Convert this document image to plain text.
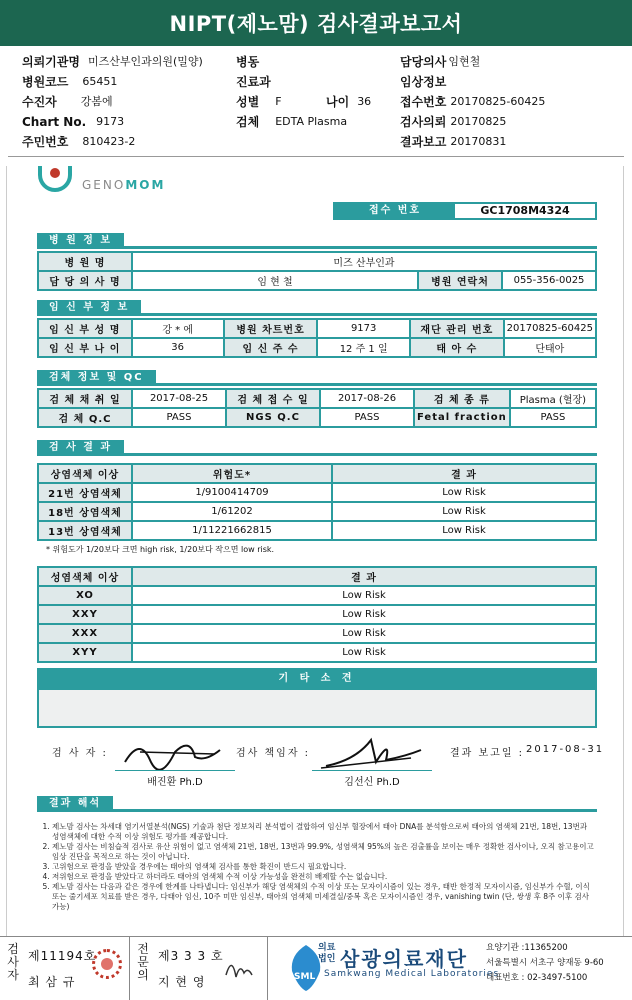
NIPT(제노맘) 검사결과보고서
의뢰기관명 미즈산부인과의원(밀양)
병원코드 65451
수진자 강봄에
Chart No. 9173
주민번호 810423-2
병동
진료과
성별 F	나이 36
검체 EDTA Plasma
담당의사 임현철
임상정보
접수번호 20170825-60425
검사의뢰 20170825
결과보고 20170831
GENOMOM
접수 번호	GC1708M4324
병 원 정 보
병 원 명	미즈 산부인과		
담 당 의 사 명	임 현 철	병원 연락처	055-356-0025
임 신 부 정 보
임 신 부 성 명	강 * 에	병원 차트번호	9173	재단 관리 번호	20170825-60425
임 신 부 나 이	36	임 신 주 수	12 주 1 일	태 아 수	단태아
검체 정보 및 QC
검 체 채 취 일	2017-08-25	검 체 접 수 일	2017-08-26	검 체 종 류	Plasma (혈장)
검 체 Q.C	PASS	NGS Q.C	PASS	Fetal fraction	PASS
검 사 결 과
상염색체 이상	위험도*	결 과
21번 상염색체	1/9100414709	Low Risk
18번 상염색체	1/61202	Low Risk
13번 상염색체	1/11221662815	Low Risk
* 위험도가 1/20보다 크면 high risk, 1/20보다 작으면 low risk.
성염색체 이상	결 과
XO	Low Risk
XXY	Low Risk
XXX	Low Risk
XYY	Low Risk
기 타 소 견
검 사 자 :
배진환 Ph.D
검사 책임자 :
김선신 Ph.D
결과 보고일 : 2017-08-31
결과 해석
1. 제노맘 검사는 차세대 염기서열분석(NGS) 기술과 첨단 정보처리 분석법이 결합하여 임신부 혈장에서 태아 DNA를 분석함으로써 태아의 염색체 21번, 18번, 13번과 성염색체에 대한 수적 이상 위험도 평가를 제공합니다.
2. 제노맘 검사는 비침습적 검사로 유산 위험이 없고 염색체 21번, 18번, 13번과 99.9%, 성염색체 95%의 높은 검출률을 보이는 매우 정확한 검사이나, 오직 참고용이고 임상 진단을 목적으로 하는 것이 아닙니다.
3. 고위험으로 판정을 받았을 경우에는 태아의 염색체 검사를 통한 확진이 반드시 필요합니다.
4. 저위험으로 판정을 받았다고 하더라도 태아의 염색체 수적 이상 가능성을 완전히 배제할 수는 없습니다.
5. 제노맘 검사는 다음과 같은 경우에 한계를 나타냅니다: 임신부가 해당 염색체의 수적 이상 또는 모자이시즘이 있는 경우, 태반 한정적 모자이시즘, 임신부가 수혈, 이식 또는 줄기세포 치료를 받은 경우, 다태아 임신, 10주 미만 임신부, 태아의 염색체 미세결실/중복 혹은 모자이시즘인 경우, vanishing twin (단, 쌍생 후 8주 이후 검사 가능)
검사자
제11194호
최 삼 규
전문의
제3 3 3 호
지 현 영	SML
의료법인 삼광의료재단
Samkwang Medical Laboratories
요양기관 :11365200
서울특별시 서초구 양재동 9-60
대표번호 : 02-3497-5100
